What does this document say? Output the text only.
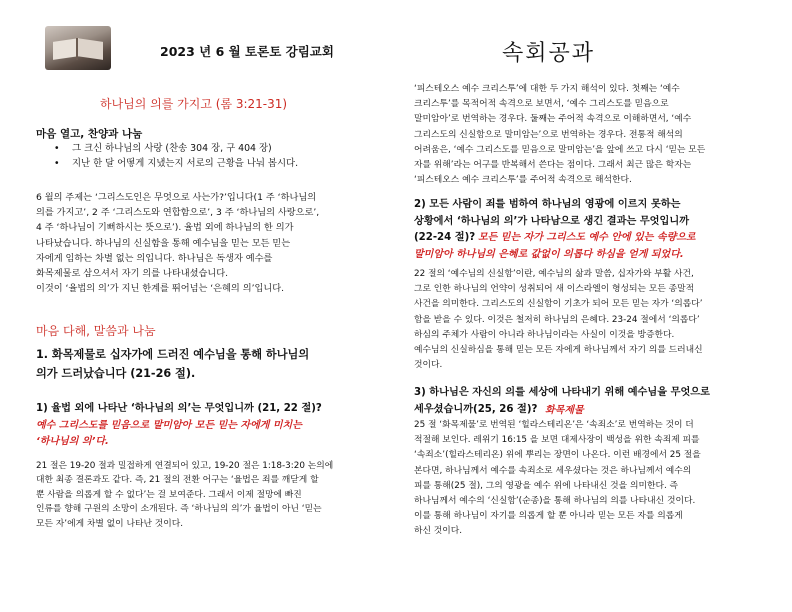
2023 년 6 월 토론토 강림교회	속회공과
하나님의 의를 가지고 (롬 3:21-31)
마음 열고, 찬양과 나눔
• 그 크신 하나님의 사랑 (찬송 304 장, 구 404 장)
• 지난 한 달 어떻게 지냈는지 서로의 근황을 나눠 봅시다.
6 월의 주제는 ‘그리스도인은 무엇으로 사는가?’입니다(1 주 ‘하나님의
의를 가지고’, 2 주 ‘그리스도와 연합함으로’, 3 주 ‘하나님의 사랑으로’,
4 주 ‘하나님이 기뻐하시는 뜻으로’). 율법 외에 하나님의 한 의가
나타났습니다. 하나님의 신실함을 통해 예수님을 믿는 모든 믿는
자에게 임하는 차별 없는 의입니다. 하나님은 독생자 예수를
화목제물로 삼으셔서 자기 의를 나타내셨습니다.
이것이 ‘율법의 의’가 지닌 한계를 뛰어넘는 ‘은혜의 의’입니다.
마음 다해, 말씀과 나눔
1. 화목제물로 십자가에 드러진 예수님을 통해 하나님의
의가 드러났습니다 (21-26 절).
1) 율법 외에 나타난 ‘하나님의 의’는 무엇입니까 (21, 22 절)?
예수 그리스도를 믿음으로 말미암아 모든 믿는 자에게 미치는
‘하나님의 의’다.
21 절은 19-20 절과 밀접하게 연결되어 있고, 19-20 절은 1:18-3:20 논의에
대한 최종 결론과도 같다. 즉, 21 절의 전환 어구는 ‘율법은 죄를 깨닫게 할
뿐 사람을 의롭게 할 수 없다’는 걸 보여준다. 그래서 이제 절망에 빠진
인류를 향해 구원의 소망이 소개된다. 즉 ‘하나님의 의’가 율법이 아닌 ‘믿는
모든 자’에게 차별 없이 나타난 것이다.
‘피스테오스 예수 크리스투’에 대한 두 가지 해석이 있다. 첫째는 ‘예수
크리스투’를 목적어적 속격으로 보면서, ‘예수 그리스도를 믿음으로
말미암아’로 번역하는 경우다. 둘째는 주어적 속격으로 이해하면서, ‘예수
그리스도의 신실함으로 말미암는’으로 번역하는 경우다. 전통적 해석의
어려움은, ‘예수 그리스도를 믿음으로 말미암는’을 앞에 쓰고 다시 ‘믿는 모든
자를 위해’라는 어구를 반복해서 쓴다는 점이다. 그래서 최근 많은 학자는
‘피스테오스 예수 크리스투’를 주어적 속격으로 해석한다.
2) 모든 사람이 죄를 범하여 하나님의 영광에 이르지 못하는
상황에서 ‘하나님의 의’가 나타남으로 생긴 결과는 무엇입니까
(22-24 절)? 모든 믿는 자가 그리스도 예수 안에 있는 속량으로
말미암아 하나님의 은혜로 값없이 의롭다 하심을 얻게 되었다.
22 절의 ‘예수님의 신실함’이란, 예수님의 삶과 말씀, 십자가와 부활 사건,
그로 인한 하나님의 언약이 성취되어 새 이스라엘이 형성되는 모든 종말적
사건을 의미한다. 그리스도의 신실함이 기초가 되어 모든 믿는 자가 ‘의롭다’
함을 받을 수 있다. 이것은 철저히 하나님의 은혜다. 23-24 절에서 ‘의롭다’
하심의 주체가 사람이 아니라 하나님이라는 사실이 이것을 방증한다.
예수님의 신실하심을 통해 믿는 모든 자에게 하나님께서 자기 의를 드러내신
것이다.
3) 하나님은 자신의 의를 세상에 나타내기 위해 예수님을 무엇으로
세우셨습니까(25, 26 절)? 화목제물
25 절 ‘화목제물’로 번역된 ‘힐라스테리온’은 ‘속죄소’로 번역하는 것이 더
적절해 보인다. 레위기 16:15 을 보면 대제사장이 백성을 위한 속죄제 피를
‘속죄소’(힐라스테리온) 위에 뿌리는 장면이 나온다. 이런 배경에서 25 절을
본다면, 하나님께서 예수를 속죄소로 세우셨다는 것은 하나님께서 예수의
피를 통해(25 절), 그의 영광을 예수 위에 나타내신 것을 의미한다. 즉
하나님께서 예수의 ‘신실함’(순종)을 통해 하나님의 의를 나타내신 것이다.
이를 통해 하나님이 자기를 의롭게 할 뿐 아니라 믿는 모든 자를 의롭게
하신 것이다.
